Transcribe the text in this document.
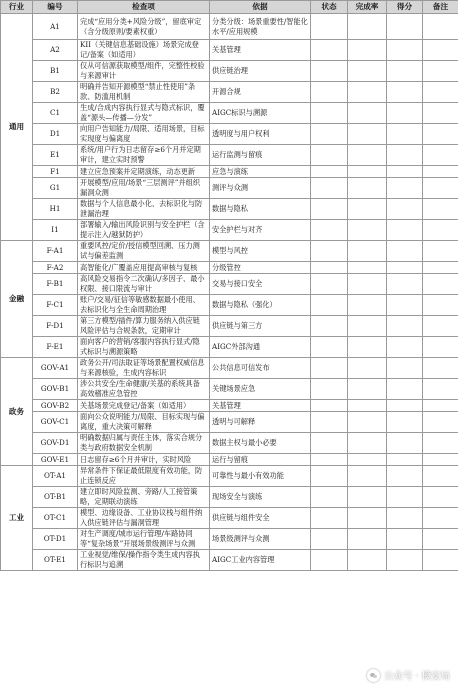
行业	编号	检查项	依据	状态	完成率	得分	备注
通用	A1	完成“应用分类+风险分级”，留底审定（含分级原则/要素权重）	分类分级：场景重要性/智能化水平/应用规模				
	A2	KII（关键信息基础设施）场景完成登记/备案（如适用）	关基管理				
	B1	仅从可信源获取模型/组件，完整性校验与来源审计	供应链治理				
	B2	明确并告知开源模型“禁止性使用”条款、防滥用机制	开源合规				
	C1	生成/合成内容执行显式与隐式标识，覆盖“源头—传播—分发”	AIGC标识与溯源				
	D1	向用户告知能力/局限、适用场景，目标实现度与偏离度	透明度与用户权利				
	E1	系统/用户行为日志留存≥6个月并定期审计，建立实时预警	运行监测与留痕				
	F1	建立应急预案并定期演练，动态更新	应急与演练				
	G1	开展模型/应用/场景“三层测评”并组织漏洞众测	测评与众测				
	H1	数据与个人信息最小化、去标识化与防泄漏治理	数据与隐私				
	I1	部署输入/输出风险识别与安全护栏（含提示注入/越狱防护）	安全护栏与对齐				
金融	F-A1	重要风控/定价/授信模型回溯、压力测试与偏差监测	模型与风控				
	F-A2	高智能化/广覆盖应用提高审核与复核	分级管控				
	F-B1	高风险交易指令二次确认/多因子、最小权限、接口限流与审计	交易与接口安全				
	F-C1	账户/交易/征信等敏感数据最小使用、去标识化与全生命周期治理	数据与隐私（强化）				
	F-D1	第三方模型/插件/算力服务纳入供应链风险评估与合规条款，定期审计	供应链与第三方				
	F-E1	面向客户的营销/客服内容执行显式/隐式标识与溯源策略	AIGC外部沟通				
政务	GOV-A1	政务公开/司法取证等场景配置权威信息与来源核验，生成内容标识	公共信息可信发布				
	GOV-B1	涉公共安全/生命健康/关基的系统具备高效稽准应急管控	关键场景应急				
	GOV-B2	关基场景完成登记/备案（如适用）	关基管理				
	GOV-C1	面向公众说明能力/局限、目标实现与偏离度，重大决策可解释	透明与可解释				
	GOV-D1	明确数据归属与责任主体，落实合规分类与政府数据安全机制	数据主权与最小必要				
	GOV-E1	日志留存≥6个月并审计，实时风险	运行与留痕				
工业	OT-A1	异常条件下保证最低限度有效功能，防止连锁反应	可靠性与最小有效功能				
	OT-B1	建立即时风险监测、旁路/人工接管策略，定期联动演练	现场安全与演练				
	OT-C1	模型、边缘设备、工业协议栈与组件纳入供应链评估与漏洞管理	供应链与组件安全				
	OT-D1	对生产调度/城市运行管理/车路协同等“复杂场景”开展场景级测评与众测	场景级测评与众测				
	OT-E1	工业视觉/维保/操作指令类生成内容执行标识与追溯	AIGC工业内容管理				
公众号 · 模安局
